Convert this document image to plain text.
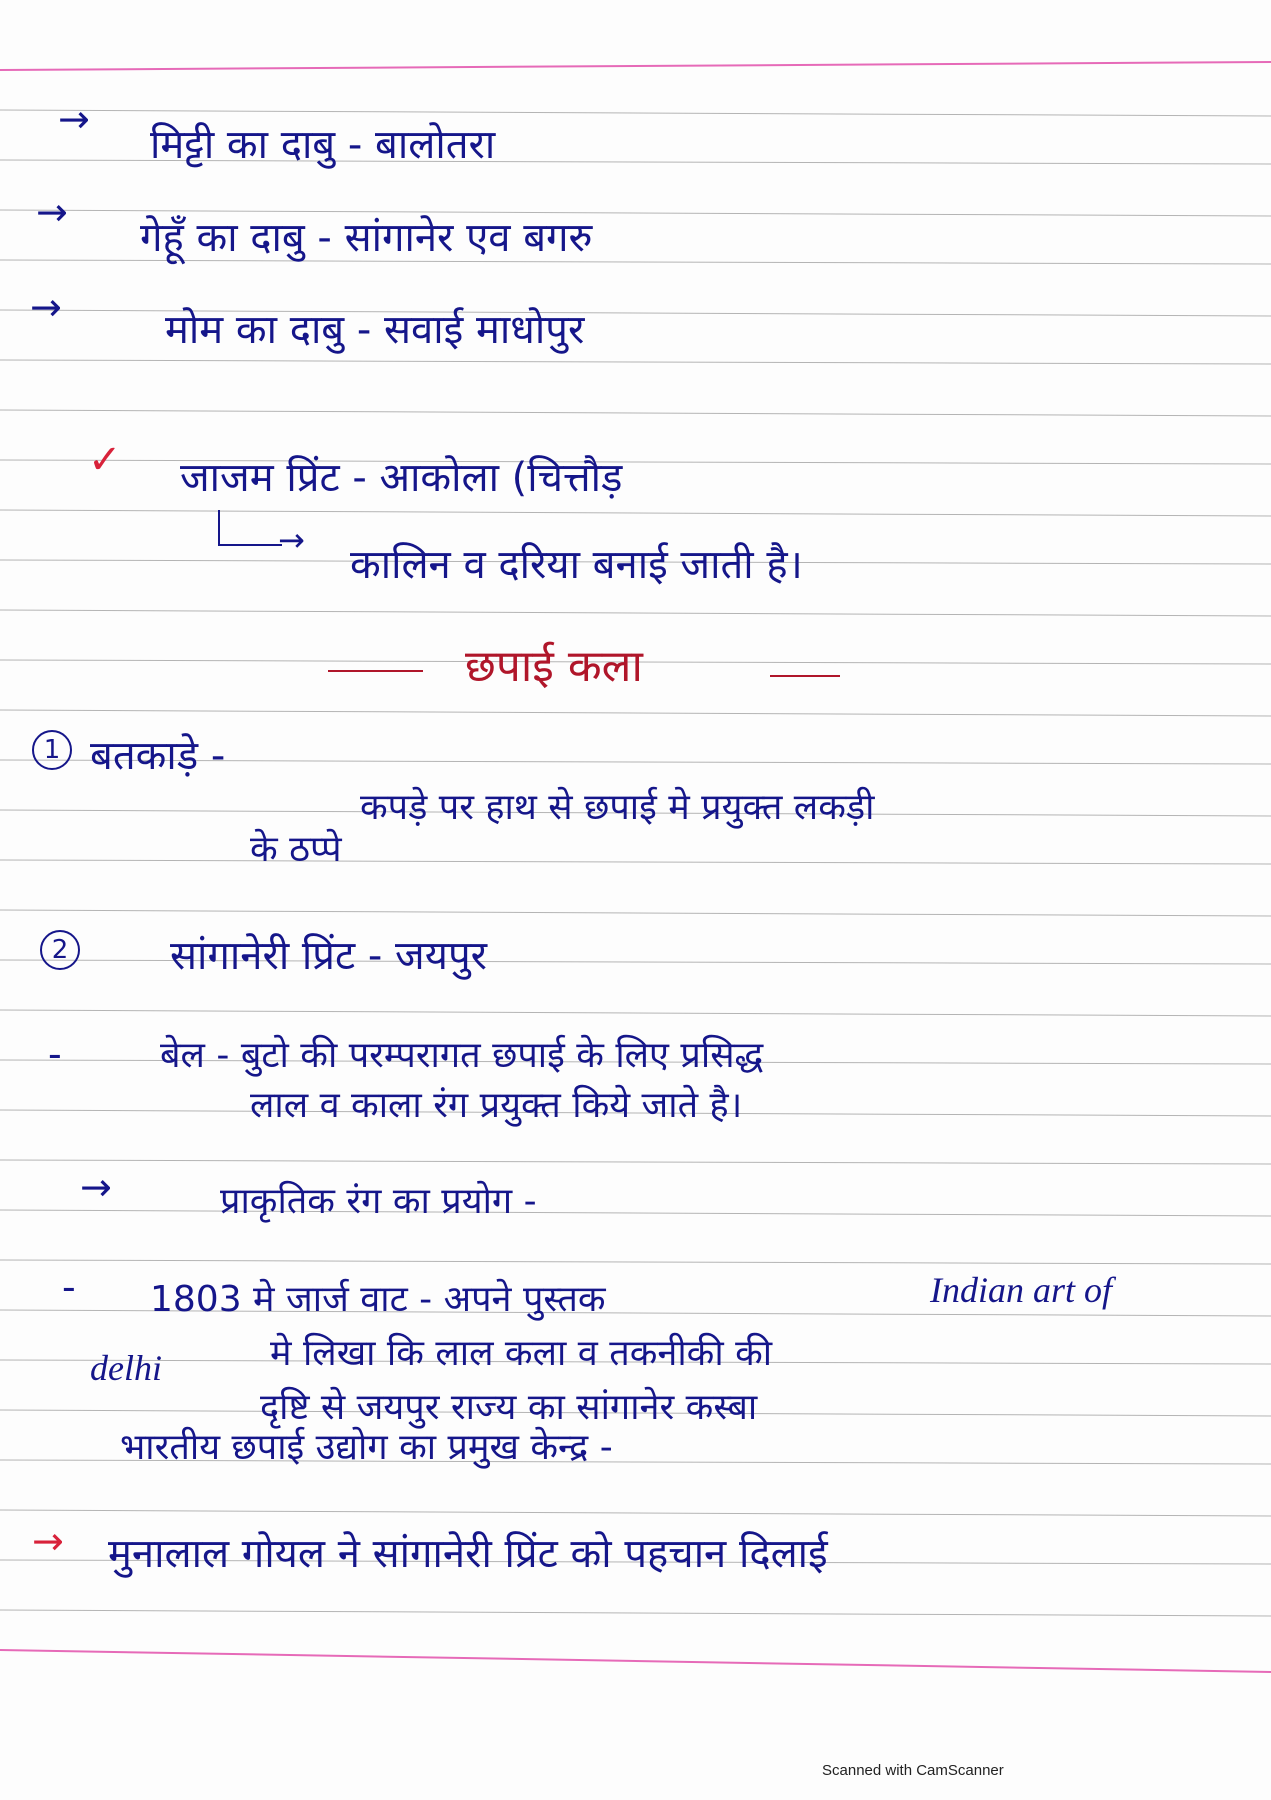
→
मिट्टी का दाबु - बालोतरा
→
गेहूँ का दाबु - सांगानेर एव बगरु
→	मोम का दाबु - सवाई माधोपुर
✓ जाजम प्रिंट - आकोला (चित्तौड़
→
कालिन व दरिया बनाई जाती है।
छपाई कला
1 बतकाड़े -
कपड़े पर हाथ से छपाई मे प्रयुक्त लकड़ी
के ठप्पे
2	सांगानेरी प्रिंट - जयपुर
-	बेल - बुटो की परम्परागत छपाई के लिए प्रसिद्ध
लाल व काला रंग प्रयुक्त किये जाते है।
→	प्राकृतिक रंग का प्रयोग -
- 1803 मे जार्ज वाट - अपने पुस्तक	Indian art of
delhi	मे लिखा कि लाल कला व तकनीकी की
दृष्टि से जयपुर राज्य का सांगानेर कस्बा
भारतीय छपाई उद्योग का प्रमुख केन्द्र -
→ मुनालाल गोयल ने सांगानेरी प्रिंट को पहचान दिलाई
Scanned with CamScanner
